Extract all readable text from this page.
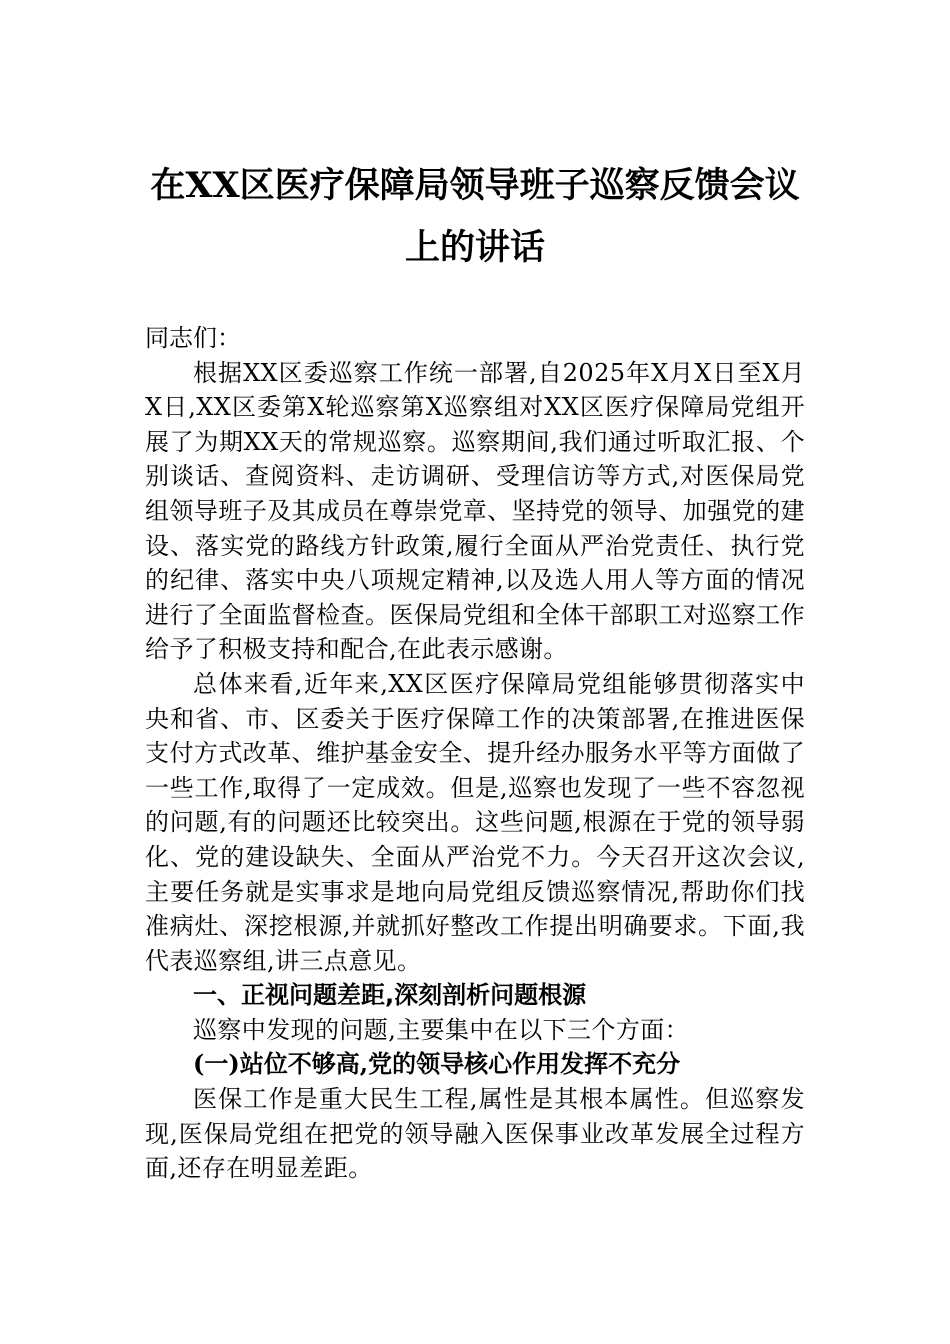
在XX区医疗保障局领导班子巡察反馈会议上的讲话

同志们：

根据XX区委巡察工作统一部署,自2025年X月X日至X月X日,XX区委第X轮巡察第X巡察组对XX区医疗保障局党组开展了为期XX天的常规巡察。巡察期间,我们通过听取汇报、个别谈话、查阅资料、走访调研、受理信访等方式,对医保局党组领导班子及其成员在尊崇党章、坚持党的领导、加强党的建设、落实党的路线方针政策,履行全面从严治党责任、执行党的纪律、落实中央八项规定精神,以及选人用人等方面的情况进行了全面监督检查。医保局党组和全体干部职工对巡察工作给予了积极支持和配合,在此表示感谢。

总体来看,近年来,XX区医疗保障局党组能够贯彻落实中央和省、市、区委关于医疗保障工作的决策部署,在推进医保支付方式改革、维护基金安全、提升经办服务水平等方面做了一些工作,取得了一定成效。但是,巡察也发现了一些不容忽视的问题,有的问题还比较突出。这些问题,根源在于党的领导弱化、党的建设缺失、全面从严治党不力。今天召开这次会议,主要任务就是实事求是地向局党组反馈巡察情况,帮助你们找准病灶、深挖根源,并就抓好整改工作提出明确要求。下面,我代表巡察组,讲三点意见。

一、正视问题差距,深刻剖析问题根源

巡察中发现的问题,主要集中在以下三个方面：

(一)站位不够高,党的领导核心作用发挥不充分

医保工作是重大民生工程,属性是其根本属性。但巡察发现,医保局党组在把党的领导融入医保事业改革发展全过程方面,还存在明显差距。
